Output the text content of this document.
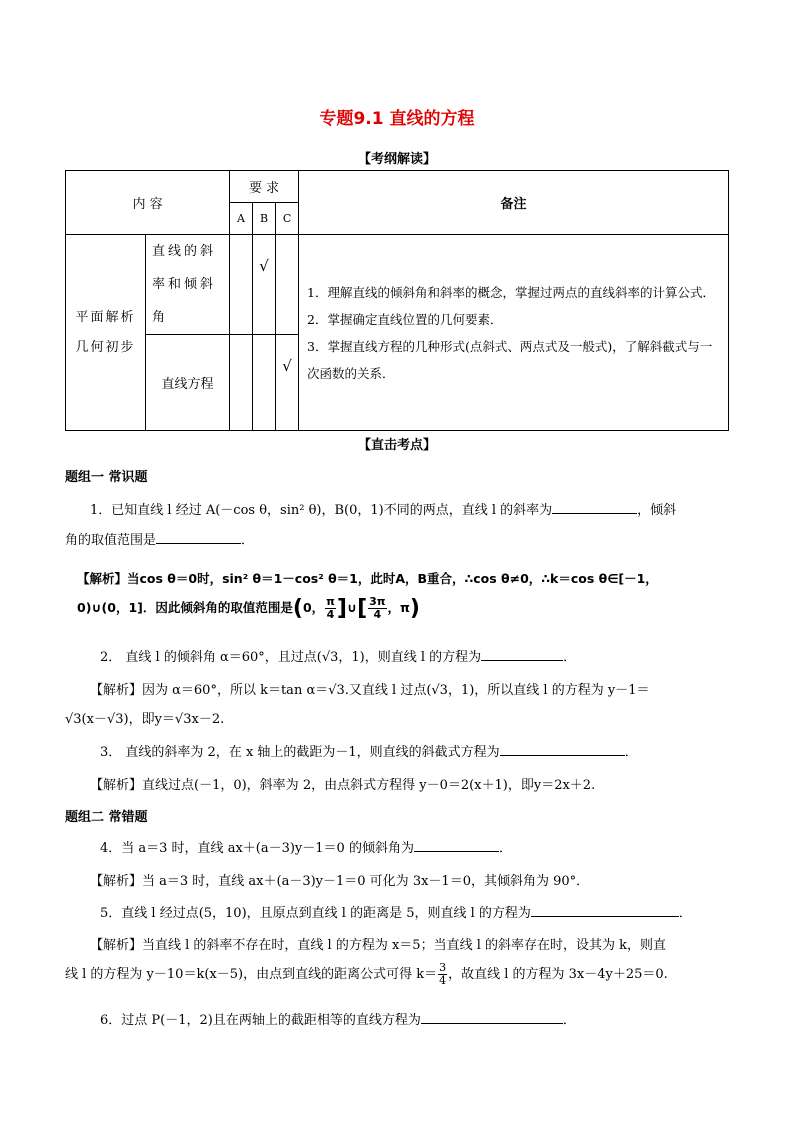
专题9.1 直线的方程
【考纲解读】
内 容		要 求			备注
		A	B	C	
平面解析几何初步	直线的斜率和倾斜角		√		1．理解直线的倾斜角和斜率的概念，掌握过两点的直线斜率的计算公式．

2．掌握确定直线位置的几何要素．

3．掌握直线方程的几种形式(点斜式、两点式及一般式)，了解斜截式与一次函数的关系．

	直线方程			√	
【直击考点】
题组一 常识题
1．已知直线 l 经过 A(－cos θ，sin² θ)，B(0，1)不同的两点，直线 l 的斜率为	，倾斜
角的取值范围是	．
【解析】当cos θ＝0时，sin² θ＝1－cos² θ＝1，此时A，B重合，∴cos θ≠0，∴k＝cos θ∈[－1，
0)∪(0，1]．因此倾斜角的取值范围是(0， $\frac{\pi}{4}$ ]∪[ $\frac{3\pi}{4}$ ，π)
2． 直线 l 的倾斜角 α＝60°，且过点(√3，1)，则直线 l 的方程为	．
【解析】因为 α＝60°，所以 k＝tan α＝√3.又直线 l 过点(√3，1)，所以直线 l 的方程为 y－1＝
√3(x－√3)，即y＝√3x－2.
3． 直线的斜率为 2，在 x 轴上的截距为－1，则直线的斜截式方程为	．
【解析】直线过点(－1，0)，斜率为 2，由点斜式方程得 y－0＝2(x＋1)，即y＝2x＋2.
题组二 常错题
4．当 a＝3 时，直线 ax＋(a－3)y－1＝0 的倾斜角为	．
【解析】当 a＝3 时，直线 ax＋(a－3)y－1＝0 可化为 3x－1＝0，其倾斜角为 90°．
5．直线 l 经过点(5，10)，且原点到直线 l 的距离是 5，则直线 l 的方程为	．
【解析】当直线 l 的斜率不存在时，直线 l 的方程为 x＝5；当直线 l 的斜率存在时，设其为 k，则直
线 l 的方程为 y－10＝k(x－5)，由点到直线的距离公式可得 $k= \frac{3}{4}$ ，故直线 l 的方程为 3x－4y＋25＝0.
6．过点 P(－1，2)且在两轴上的截距相等的直线方程为	．
